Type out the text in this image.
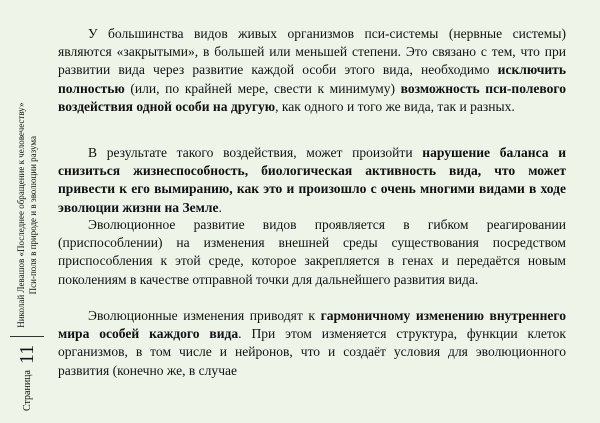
Страница
11
Николай Левашов «Последнее обращение к человечеству» Пси-поля в природе и в эволюции разума

У большинства видов живых организмов пси-системы (нервные системы) являются «закрытыми», в большей или меньшей степени. Это связано с тем, что при развитии вида через развитие каждой особи этого вида, необходимо исключить полностью (или, по крайней мере, свести к минимуму) возможность пси-полевого воздействия одной особи на другую, как одного и того же вида, так и разных.

В результате такого воздействия, может произойти нарушение баланса и снизиться жизнеспособность, биологическая активность вида, что может привести к его вымиранию, как это и произошло с очень многими видами в ходе эволюции жизни на Земле.

Эволюционное развитие видов проявляется в гибком реагировании (приспособлении) на изменения внешней среды существования посредством приспособления к этой среде, которое закрепляется в генах и передаётся новым поколениям в качестве отправной точки для дальнейшего развития вида.

Эволюционные изменения приводят к гармоничному изменению внутреннего мира особей каждого вида. При этом изменяется структура, функции клеток организмов, в том числе и нейронов, что и создаёт условия для эволюционного развития (конечно же, в случае
